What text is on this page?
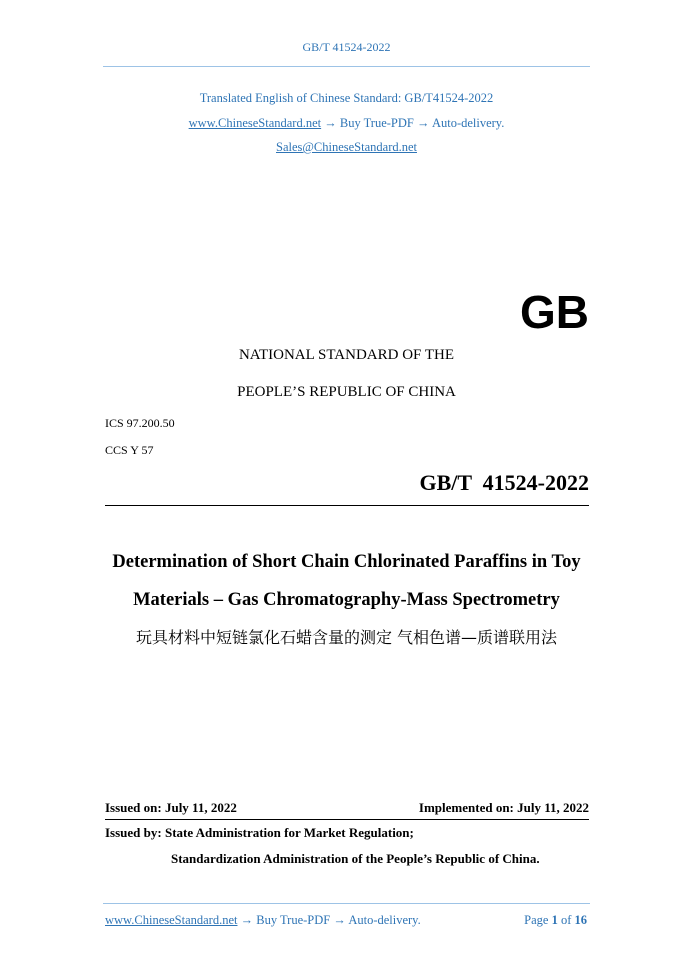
GB/T 41524-2022
Translated English of Chinese Standard: GB/T41524-2022
www.ChineseStandard.net → Buy True-PDF → Auto-delivery.
Sales@ChineseStandard.net
GB
NATIONAL STANDARD OF THE
PEOPLE’S REPUBLIC OF CHINA
ICS 97.200.50
CCS Y 57
GB/T  41524-2022
Determination of Short Chain Chlorinated Paraffins in Toy
Materials – Gas Chromatography-Mass Spectrometry
玩具材料中短链氯化石蜡含量的测定 气相色谱—质谱联用法
Issued on: July 11, 2022	Implemented on: July 11, 2022
Issued by: State Administration for Market Regulation;
Standardization Administration of the People’s Republic of China.
www.ChineseStandard.net → Buy True-PDF → Auto-delivery.	Page 1 of 16
